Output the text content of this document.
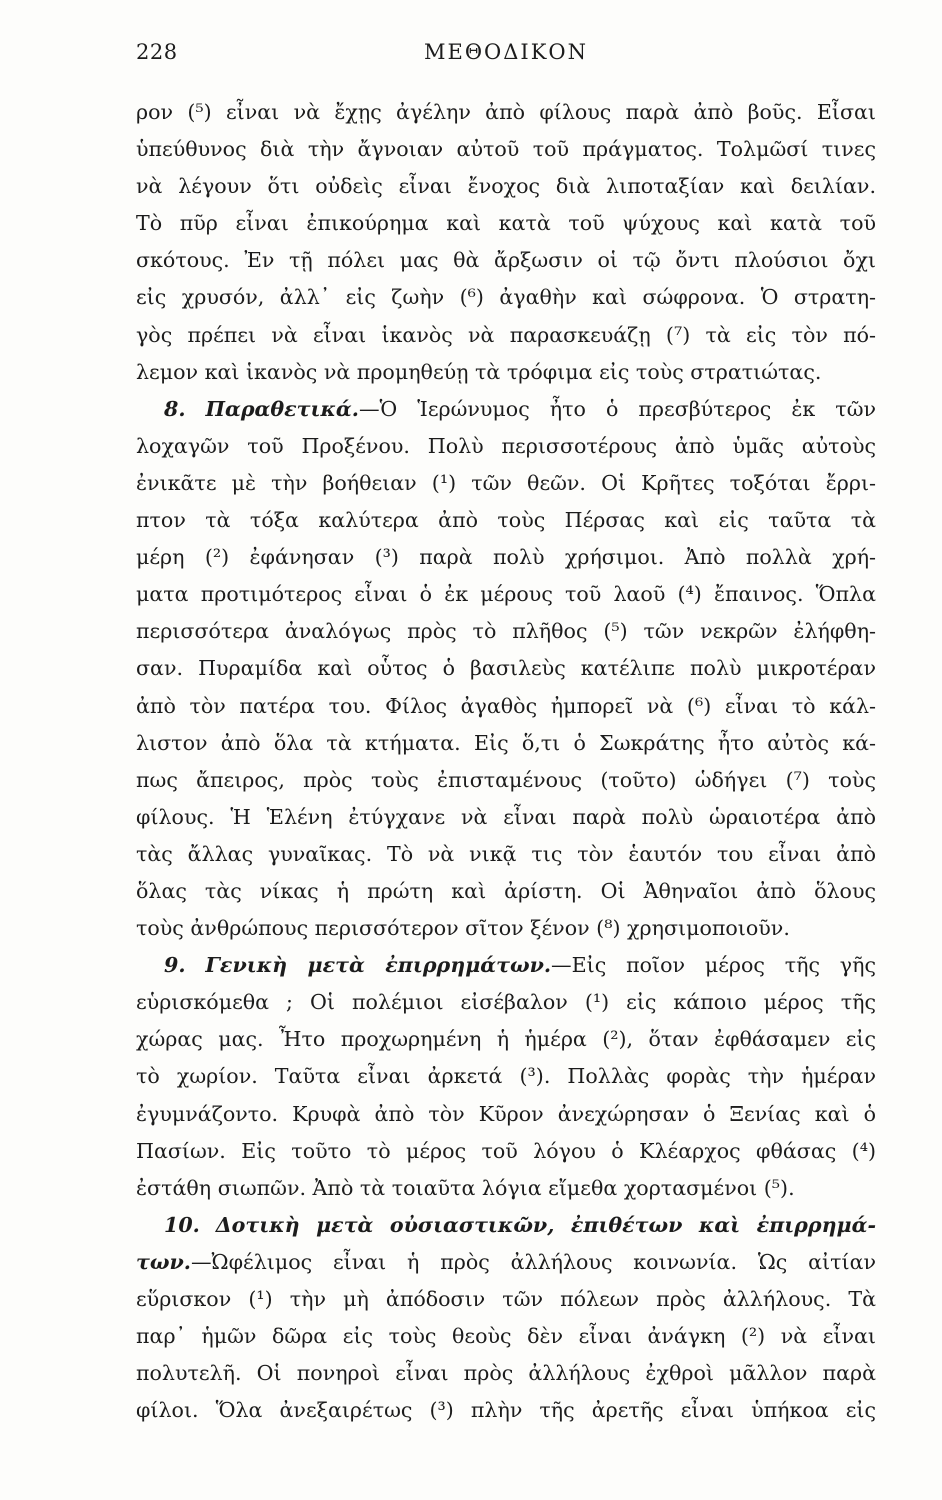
228	ΜΕΘΟΔΙΚΟΝ
ρον (⁵) εἶναι νὰ ἔχῃς ἀγέλην ἀπὸ φίλους παρὰ ἀπὸ βοῦς. Εἶσαι
ὑπεύθυνος διὰ τὴν ἄγνοιαν αὐτοῦ τοῦ πράγματος. Τολμῶσί τινες
νὰ λέγουν ὅτι οὐδεὶς εἶναι ἔνοχος διὰ λιποταξίαν καὶ δειλίαν.
Τὸ πῦρ εἶναι ἐπικούρημα καὶ κατὰ τοῦ ψύχους καὶ κατὰ τοῦ
σκότους. Ἐν τῇ πόλει μας θὰ ἄρξωσιν οἱ τῷ ὄντι πλούσιοι ὄχι
εἰς χρυσόν, ἀλλ᾽ εἰς ζωὴν (⁶) ἀγαθὴν καὶ σώφρονα. Ὁ στρατη-
γὸς πρέπει νὰ εἶναι ἱκανὸς νὰ παρασκευάζῃ (⁷) τὰ εἰς τὸν πό-
λεμον καὶ ἱκανὸς νὰ προμηθεύῃ τὰ τρόφιμα εἰς τοὺς στρατιώτας.
8. Παραθετικά.—Ὁ Ἱερώνυμος ἦτο ὁ πρεσβύτερος ἐκ τῶν
λοχαγῶν τοῦ Προξένου. Πολὺ περισσοτέρους ἀπὸ ὑμᾶς αὐτοὺς
ἐνικᾶτε μὲ τὴν βοήθειαν (¹) τῶν θεῶν. Οἱ Κρῆτες τοξόται ἔρρι-
πτον τὰ τόξα καλύτερα ἀπὸ τοὺς Πέρσας καὶ εἰς ταῦτα τὰ
μέρη (²) ἐφάνησαν (³) παρὰ πολὺ χρήσιμοι. Ἀπὸ πολλὰ χρή-
ματα προτιμότερος εἶναι ὁ ἐκ μέρους τοῦ λαοῦ (⁴) ἔπαινος. Ὅπλα
περισσότερα ἀναλόγως πρὸς τὸ πλῆθος (⁵) τῶν νεκρῶν ἐλήφθη-
σαν. Πυραμίδα καὶ οὗτος ὁ βασιλεὺς κατέλιπε πολὺ μικροτέραν
ἀπὸ τὸν πατέρα του. Φίλος ἀγαθὸς ἠμπορεῖ νὰ (⁶) εἶναι τὸ κάλ-
λιστον ἀπὸ ὅλα τὰ κτήματα. Εἰς ὅ,τι ὁ Σωκράτης ἦτο αὐτὸς κά-
πως ἄπειρος, πρὸς τοὺς ἐπισταμένους (τοῦτο) ὡδήγει (⁷) τοὺς
φίλους. Ἡ Ἑλένη ἐτύγχανε νὰ εἶναι παρὰ πολὺ ὡραιοτέρα ἀπὸ
τὰς ἄλλας γυναῖκας. Τὸ νὰ νικᾷ τις τὸν ἑαυτόν του εἶναι ἀπὸ
ὅλας τὰς νίκας ἡ πρώτη καὶ ἀρίστη. Οἱ Ἀθηναῖοι ἀπὸ ὅλους
τοὺς ἀνθρώπους περισσότερον σῖτον ξένον (⁸) χρησιμοποιοῦν.
9. Γενικὴ μετὰ ἐπιρρημάτων.—Εἰς ποῖον μέρος τῆς γῆς
εὑρισκόμεθα ; Οἱ πολέμιοι εἰσέβαλον (¹) εἰς κάποιο μέρος τῆς
χώρας μας. Ἦτο προχωρημένη ἡ ἡμέρα (²), ὅταν ἐφθάσαμεν εἰς
τὸ χωρίον. Ταῦτα εἶναι ἀρκετά (³). Πολλὰς φορὰς τὴν ἡμέραν
ἐγυμνάζοντο. Κρυφὰ ἀπὸ τὸν Κῦρον ἀνεχώρησαν ὁ Ξενίας καὶ ὁ
Πασίων. Εἰς τοῦτο τὸ μέρος τοῦ λόγου ὁ Κλέαρχος φθάσας (⁴)
ἐστάθη σιωπῶν. Ἀπὸ τὰ τοιαῦτα λόγια εἴμεθα χορτασμένοι (⁵).
10. Δοτικὴ μετὰ οὐσιαστικῶν, ἐπιθέτων καὶ ἐπιρρημά-
των.—Ὠφέλιμος εἶναι ἡ πρὸς ἀλλήλους κοινωνία. Ὡς αἰτίαν
εὕρισκον (¹) τὴν μὴ ἀπόδοσιν τῶν πόλεων πρὸς ἀλλήλους. Τὰ
παρ᾽ ἡμῶν δῶρα εἰς τοὺς θεοὺς δὲν εἶναι ἀνάγκη (²) νὰ εἶναι
πολυτελῆ. Οἱ πονηροὶ εἶναι πρὸς ἀλλήλους ἐχθροὶ μᾶλλον παρὰ
φίλοι. Ὅλα ἀνεξαιρέτως (³) πλὴν τῆς ἀρετῆς εἶναι ὑπήκοα εἰς
